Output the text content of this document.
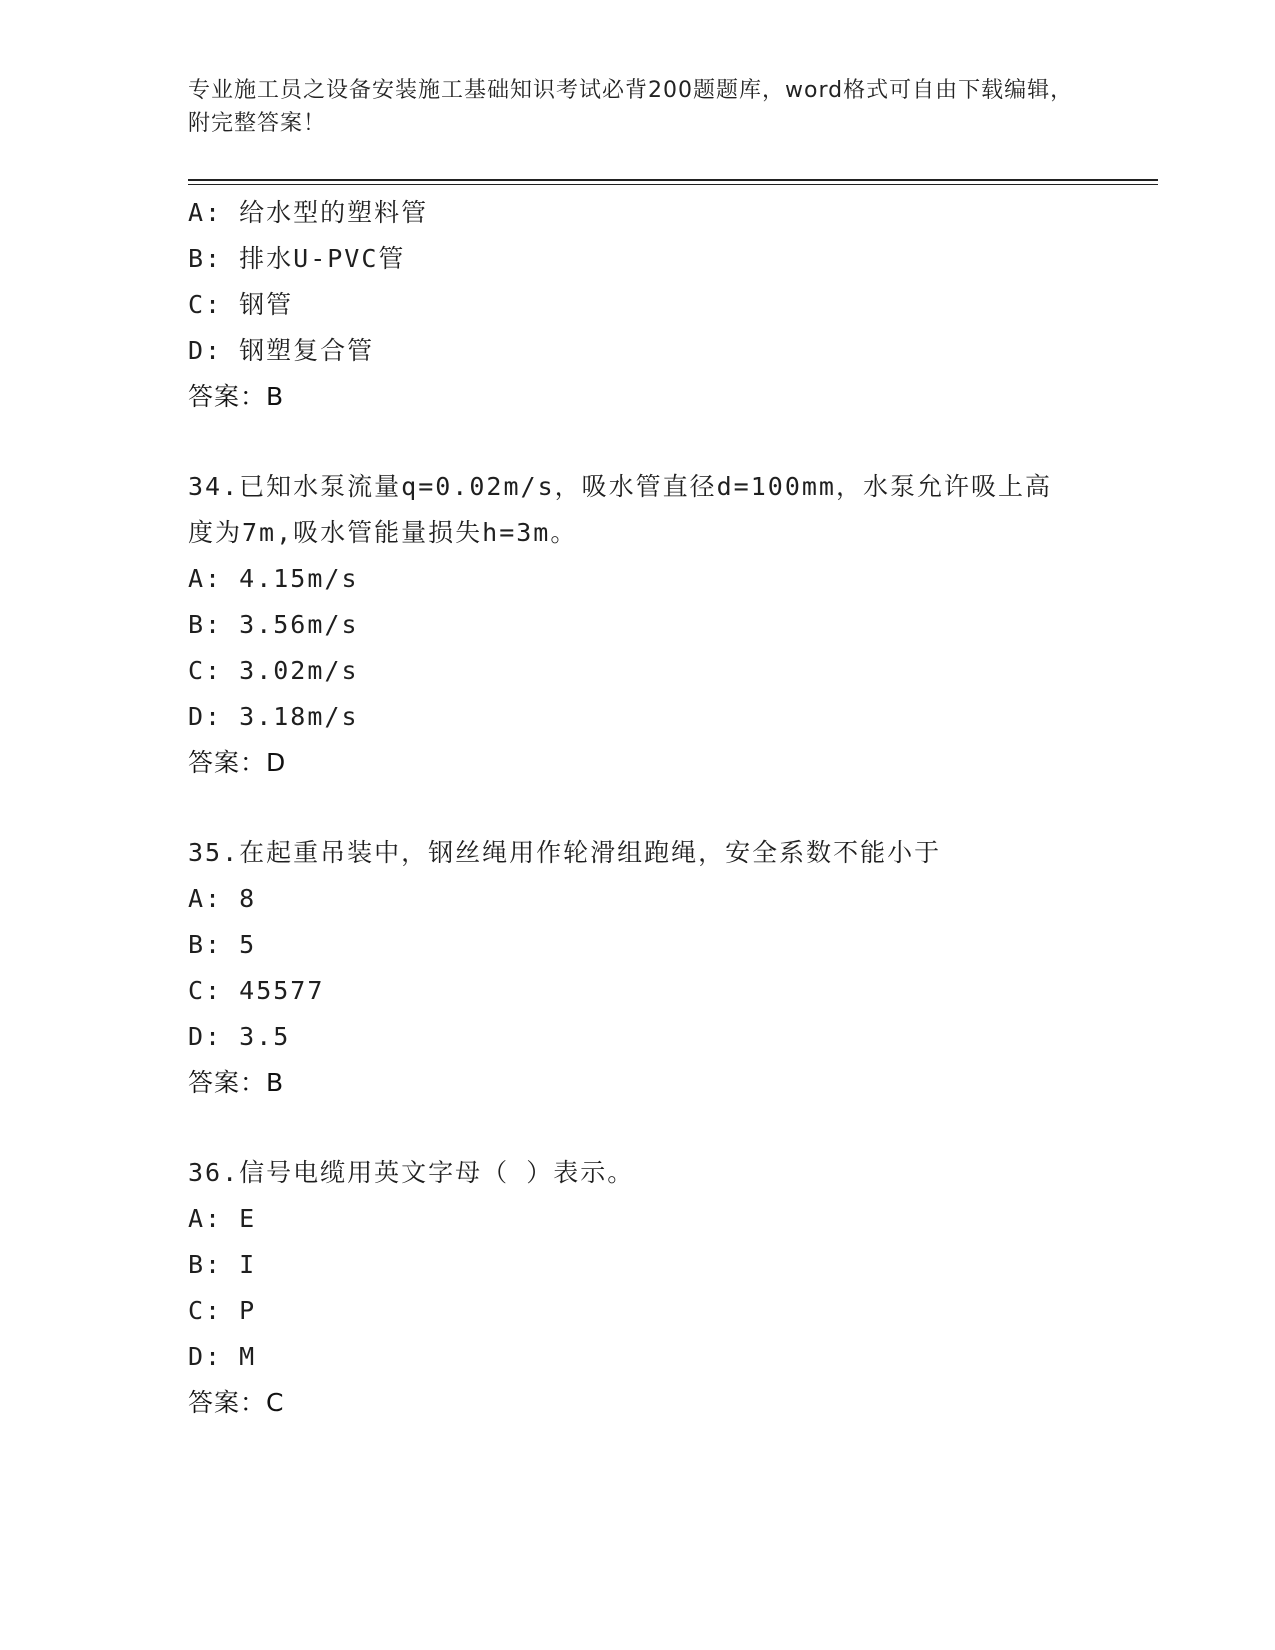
专业施工员之设备安装施工基础知识考试必背200题题库，word格式可自由下载编辑，附完整答案！
A: 给水型的塑料管
B: 排水U-PVC管
C: 钢管
D: 钢塑复合管
答案：B
34.已知水泵流量q=0.02m/s，吸水管直径d=100mm，水泵允许吸上高度为7m,吸水管能量损失h=3m。
A: 4.15m/s
B: 3.56m/s
C: 3.02m/s
D: 3.18m/s
答案：D
35.在起重吊装中，钢丝绳用作轮滑组跑绳，安全系数不能小于
A: 8
B: 5
C: 45577
D: 3.5
答案：B
36.信号电缆用英文字母（ ）表示。
A: E
B: I
C: P
D: M
答案：C
